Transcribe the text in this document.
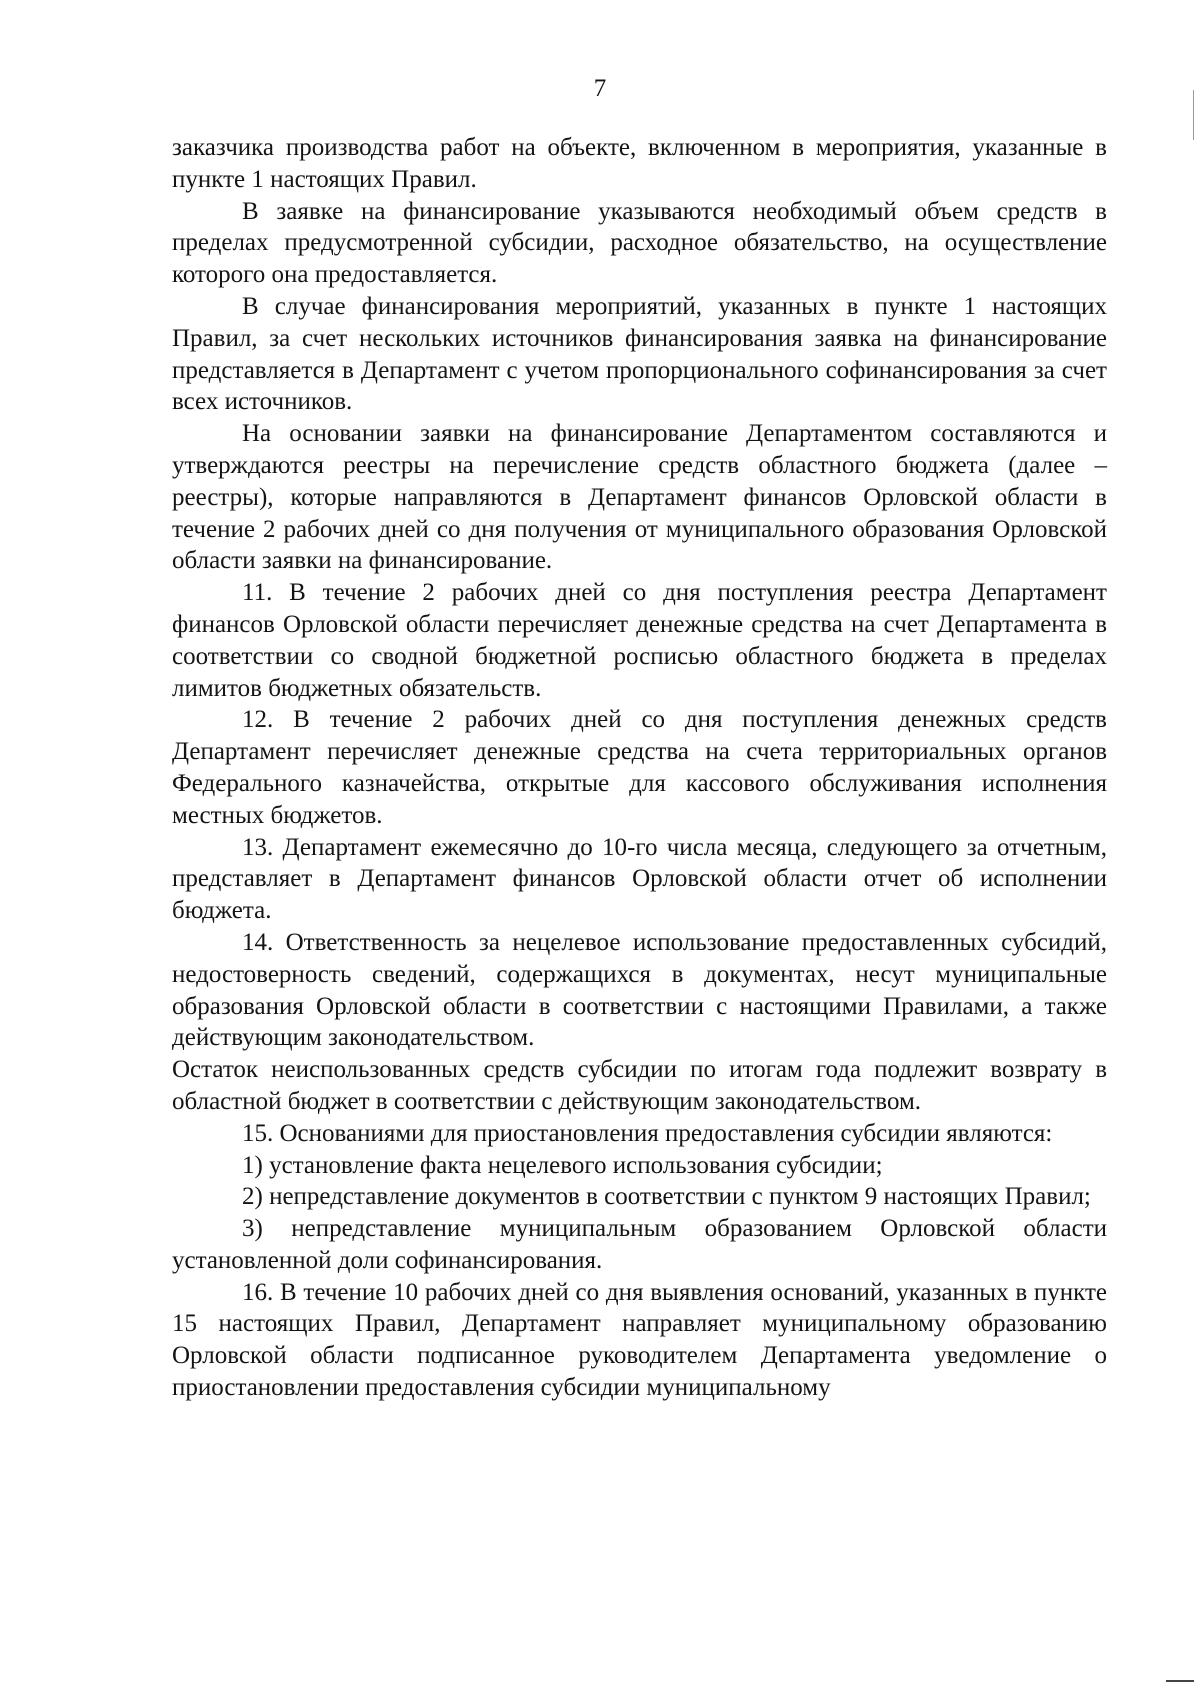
7

заказчика производства работ на объекте, включенном в мероприятия, указанные в пункте 1 настоящих Правил.

В заявке на финансирование указываются необходимый объем средств в пределах предусмотренной субсидии, расходное обязательство, на осуществление которого она предоставляется.

В случае финансирования мероприятий, указанных в пункте 1 настоящих Правил, за счет нескольких источников финансирования заявка на финансирование представляется в Департамент с учетом пропорционального софинансирования за счет всех источников.

На основании заявки на финансирование Департаментом составляются и утверждаются реестры на перечисление средств областного бюджета (далее – реестры), которые направляются в Департамент финансов Орловской области в течение 2 рабочих дней со дня получения от муниципального образования Орловской области заявки на финансирование.

11. В течение 2 рабочих дней со дня поступления реестра Департамент финансов Орловской области перечисляет денежные средства на счет Департамента в соответствии со сводной бюджетной росписью областного бюджета в пределах лимитов бюджетных обязательств.

12. В течение 2 рабочих дней со дня поступления денежных средств Департамент перечисляет денежные средства на счета территориальных органов Федерального казначейства, открытые для кассового обслуживания исполнения местных бюджетов.

13. Департамент ежемесячно до 10-го числа месяца, следующего за отчетным, представляет в Департамент финансов Орловской области отчет об исполнении бюджета.

14. Ответственность за нецелевое использование предоставленных субсидий, недостоверность сведений, содержащихся в документах, несут муниципальные образования Орловской области в соответствии с настоящими Правилами, а также действующим законодательством.

Остаток неиспользованных средств субсидии по итогам года подлежит возврату в областной бюджет в соответствии с действующим законодательством.

15. Основаниями для приостановления предоставления субсидии являются:

1) установление факта нецелевого использования субсидии;

2) непредставление документов в соответствии с пунктом 9 настоящих Правил;

3) непредставление муниципальным образованием Орловской области установленной доли софинансирования.

16. В течение 10 рабочих дней со дня выявления оснований, указанных в пункте 15 настоящих Правил, Департамент направляет муниципальному образованию Орловской области подписанное руководителем Департамента уведомление о приостановлении предоставления субсидии муниципальному
